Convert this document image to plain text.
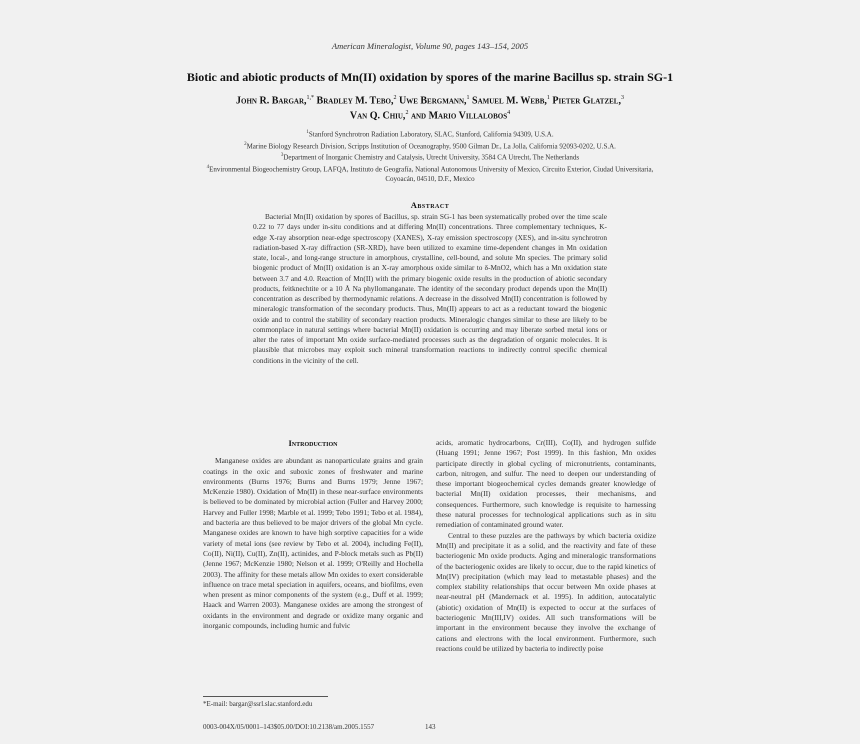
American Mineralogist, Volume 90, pages 143–154, 2005
Biotic and abiotic products of Mn(II) oxidation by spores of the marine Bacillus sp. strain SG-1
John R. Bargar,$^{1,*}$ Bradley M. Tebo,$^2$ Uwe Bergmann,$^1$ Samuel M. Webb,$^1$ Pieter Glatzel,$^3$
Van Q. Chiu,$^2$ and Mario Villalobos$^4$
$^1$Stanford Synchrotron Radiation Laboratory, SLAC, Stanford, California 94309, U.S.A.
$^2$Marine Biology Research Division, Scripps Institution of Oceanography, 9500 Gilman Dr., La Jolla, California 92093-0202, U.S.A.
$^3$Department of Inorganic Chemistry and Catalysis, Utrecht University, 3584 CA Utrecht, The Netherlands
$^4$Environmental Biogeochemistry Group, LAFQA, Instituto de Geografía, National Autonomous University of Mexico, Circuito Exterior, Ciudad Universitaria, Coyoacán, 04510, D.F., Mexico
Abstract

Bacterial Mn(II) oxidation by spores of Bacillus, sp. strain SG-1 has been systematically probed over the time scale 0.22 to 77 days under in-situ conditions and at differing Mn(II) concentrations. Three complementary techniques, K-edge X-ray absorption near-edge spectroscopy (XANES), X-ray emission spectroscopy (XES), and in-situ synchrotron radiation-based X-ray diffraction (SR-XRD), have been utilized to examine time-dependent changes in Mn oxidation state, local-, and long-range structure in amorphous, crystalline, cell-bound, and solute Mn species. The primary solid biogenic product of Mn(II) oxidation is an X-ray amorphous oxide similar to δ-MnO2, which has a Mn oxidation state between 3.7 and 4.0. Reaction of Mn(II) with the primary biogenic oxide results in the production of abiotic secondary products, feitknechtite or a 10 Å Na phyllomanganate. The identity of the secondary product depends upon the Mn(II) concentration as described by thermodynamic relations. A decrease in the dissolved Mn(II) concentration is followed by mineralogic transformation of the secondary products. Thus, Mn(II) appears to act as a reductant toward the biogenic oxide and to control the stability of secondary reaction products. Mineralogic changes similar to these are likely to be commonplace in natural settings where bacterial Mn(II) oxidation is occurring and may liberate sorbed metal ions or alter the rates of important Mn oxide surface-mediated processes such as the degradation of organic molecules. It is plausible that microbes may exploit such mineral transformation reactions to indirectly control specific chemical conditions in the vicinity of the cell.

Introduction

Manganese oxides are abundant as nanoparticulate grains and grain coatings in the oxic and suboxic zones of freshwater and marine environments (Burns 1976; Burns and Burns 1979; Jenne 1967; McKenzie 1980). Oxidation of Mn(II) in these near-surface environments is believed to be dominated by microbial action (Fuller and Harvey 2000; Harvey and Fuller 1998; Marble et al. 1999; Tebo 1991; Tebo et al. 1984), and bacteria are thus believed to be major drivers of the global Mn cycle. Manganese oxides are known to have high sorptive capacities for a wide variety of metal ions (see review by Tebo et al. 2004), including Fe(II), Co(II), Ni(II), Cu(II), Zn(II), actinides, and P-block metals such as Pb(II) (Jenne 1967; McKenzie 1980; Nelson et al. 1999; O'Reilly and Hochella 2003). The affinity for these metals allow Mn oxides to exert considerable influence on trace metal speciation in aquifers, oceans, and biofilms, even when present as minor components of the system (e.g., Duff et al. 1999; Haack and Warren 2003). Manganese oxides are among the strongest of oxidants in the environment and degrade or oxidize many organic and inorganic compounds, including humic and fulvic

acids, aromatic hydrocarbons, Cr(III), Co(II), and hydrogen sulfide (Huang 1991; Jenne 1967; Post 1999). In this fashion, Mn oxides participate directly in global cycling of micronutrients, contaminants, carbon, nitrogen, and sulfur. The need to deepen our understanding of these important biogeochemical cycles demands greater knowledge of bacterial Mn(II) oxidation processes, their mechanisms, and consequences. Furthermore, such knowledge is requisite to harnessing these natural processes for technological applications such as in situ remediation of contaminated ground water.

Central to these puzzles are the pathways by which bacteria oxidize Mn(II) and precipitate it as a solid, and the reactivity and fate of these bacteriogenic Mn oxide products. Aging and mineralogic transformations of the bacteriogenic oxides are likely to occur, due to the rapid kinetics of Mn(IV) precipitation (which may lead to metastable phases) and the complex stability relationships that occur between Mn oxide phases at near-neutral pH (Mandernack et al. 1995). In addition, autocatalytic (abiotic) oxidation of Mn(II) is expected to occur at the surfaces of bacteriogenic Mn(III,IV) oxides. All such transformations will be important in the environment because they involve the exchange of cations and electrons with the local environment. Furthermore, such reactions could be utilized by bacteria to indirectly poise

*E-mail: bargar@ssrl.slac.stanford.edu
0003-004X/05/0001–143$05.00/DOI:10.2138/am.2005.1557	143
